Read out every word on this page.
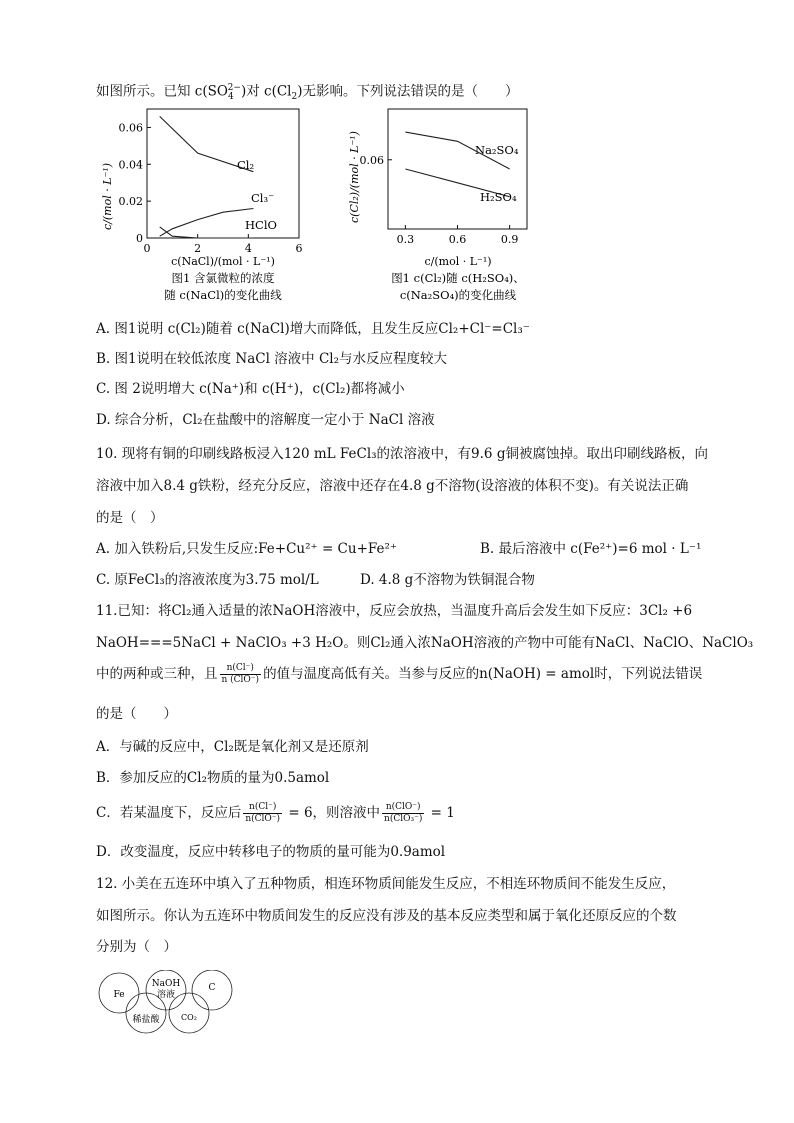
如图所示。已知 $c(SO_4^{2-})$对 $c(Cl_2)$无影响。下列说法错误的是（　　）
0.06
0.04
0.02
0
0	2	4	6
c/(mol · L⁻¹)
c(NaCl)/(mol · L⁻¹)
图1 含氯微粒的浓度
随 c(NaCl)的变化曲线
Cl₂
Cl₃⁻
HClO
0.06
0.3	0.6	0.9
c(Cl₂)/(mol · L⁻¹)
c/(mol · L⁻¹)
图1 c(Cl₂)随 c(H₂SO₄)、
c(Na₂SO₄)的变化曲线
Na₂SO₄
H₂SO₄
A. 图1说明 c(Cl₂)随着 c(NaCl)增大而降低，且发生反应Cl₂+Cl⁻=Cl₃⁻
B. 图1说明在较低浓度 NaCl 溶液中 Cl₂与水反应程度较大
C. 图 2说明增大 c(Na⁺)和 c(H⁺)，c(Cl₂)都将减小
D. 综合分析，Cl₂在盐酸中的溶解度一定小于 NaCl 溶液
10. 现将有铜的印刷线路板浸入120 mL FeCl₃的浓溶液中，有9.6 g铜被腐蚀掉。取出印刷线路板，向
溶液中加入8.4 g铁粉，经充分反应，溶液中还存在4.8 g不溶物(设溶液的体积不变)。有关说法正确
的是（　）
A. 加入铁粉后,只发生反应:Fe+Cu²⁺ = Cu+Fe²⁺	B. 最后溶液中 c(Fe²⁺)=6 mol · L⁻¹
C. 原FeCl₃的溶液浓度为3.75 mol/L	D. 4.8 g不溶物为铁铜混合物
11.已知：将Cl₂通入适量的浓NaOH溶液中，反应会放热，当温度升高后会发生如下反应：3Cl₂ +6
NaOH===5NaCl + NaClO₃ +3 H₂O。则Cl₂通入浓NaOH溶液的产物中可能有NaCl、NaClO、NaClO₃
中的两种或三种，且 $\frac{n(Cl^-)}{\text{n (ClO⁻)}}$ 的值与温度高低有关。当参与反应的n(NaOH) = amol时，下列说法错误
的是（　　）
A．与碱的反应中，Cl₂既是氧化剂又是还原剂
B．参加反应的Cl₂物质的量为0.5amol
C．若某温度下，反应后 $\frac{n(Cl^-)}{\text{n(ClO⁻)}} = 6$，则溶液中 $\frac{\text{n(ClO⁻)}}{\text{n(ClO₃⁻)}} = 1$
D．改变温度，反应中转移电子的物质的量可能为0.9amol
12. 小美在五连环中填入了五种物质，相连环物质间能发生反应，不相连环物质间不能发生反应，
如图所示。你认为五连环中物质间发生的反应没有涉及的基本反应类型和属于氧化还原反应的个数
分别为（　）
Fe
稀盐酸
NaOH
溶液
CO₂
C
